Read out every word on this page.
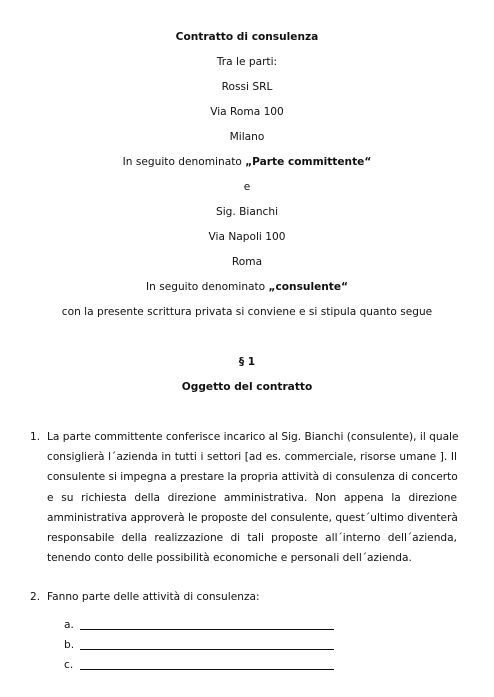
Contratto di consulenza
Tra le parti:
Rossi SRL
Via Roma 100
Milano
In seguito denominato „Parte committente“
e
Sig. Bianchi
Via Napoli 100
Roma
In seguito denominato „consulente“
con la presente scrittura privata si conviene e si stipula quanto segue
§ 1
Oggetto del contratto
1. La parte committente conferisce incarico al Sig. Bianchi (consulente), il quale
consiglierà l´azienda in tutti i settori [ad es. commerciale, risorse umane ]. Il
consulente si impegna a prestare la propria attività di consulenza di concerto
e su richiesta della direzione amministrativa. Non appena la direzione
amministrativa approverà le proposte del consulente, quest´ultimo diventerà
responsabile della realizzazione di tali proposte all´interno dell´azienda,
tenendo conto delle possibilità economiche e personali dell´azienda.
2. Fanno parte delle attività di consulenza:
a.
b.
c.
